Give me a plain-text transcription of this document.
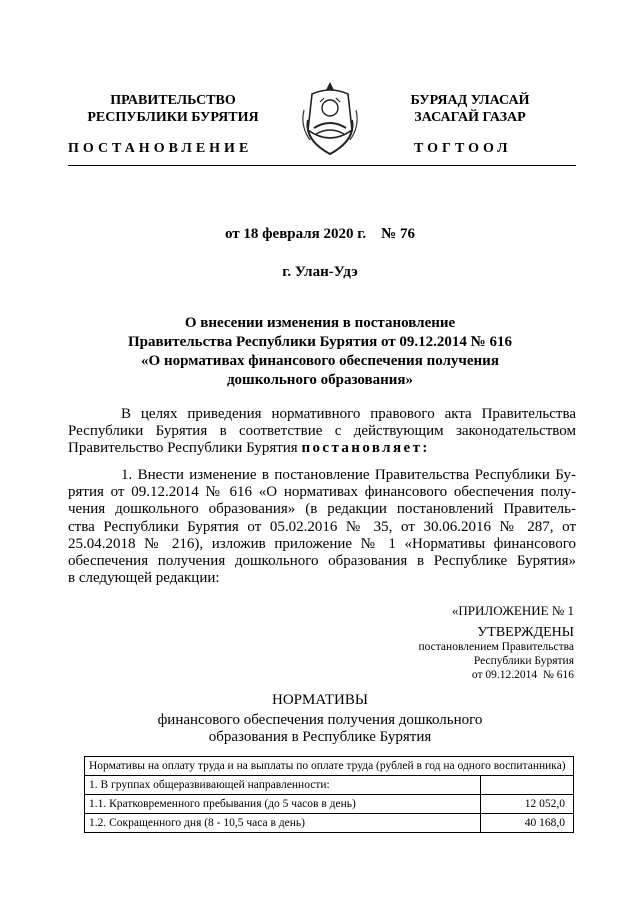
ПРАВИТЕЛЬСТВО
РЕСПУБЛИКИ БУРЯТИЯ
БУРЯАД УЛАСАЙ
ЗАСАГАЙ ГАЗАР
ПОСТАНОВЛЕНИЕ	ТОГТООЛ
от 18 февраля 2020 г.    № 76
г. Улан-Удэ
О внесении изменения в постановление
Правительства Республики Бурятия от 09.12.2014 № 616
«О нормативах финансового обеспечения получения
дошкольного образования»
В целях приведения нормативного правового акта Правительства
Республики Бурятия в соответствие с действующим законодательством
Правительство Республики Бурятия постановляет:
1. Внести изменение в постановление Правительства Республики Бу-
рятия от 09.12.2014 № 616 «О нормативах финансового обеспечения полу-
чения дошкольного образования» (в редакции постановлений Правитель-
ства Республики Бурятия от 05.02.2016 № 35, от 30.06.2016 № 287, от
25.04.2018 № 216), изложив приложение № 1 «Нормативы финансового
обеспечения получения дошкольного образования в Республике Бурятия»
в следующей редакции:
«ПРИЛОЖЕНИЕ № 1
УТВЕРЖДЕНЫ
постановлением Правительства
Республики Бурятия
от 09.12.2014  № 616
НОРМАТИВЫ
финансового обеспечения получения дошкольного
образования в Республике Бурятия
Нормативы на оплату труда и на выплаты по оплате труда (рублей в год на одного воспитанника)	
1. В группах общеразвивающей направленности:	
1.1. Кратковременного пребывания (до 5 часов в день)	12 052,0
1.2. Сокращенного дня (8 - 10,5 часа в день)	40 168,0
